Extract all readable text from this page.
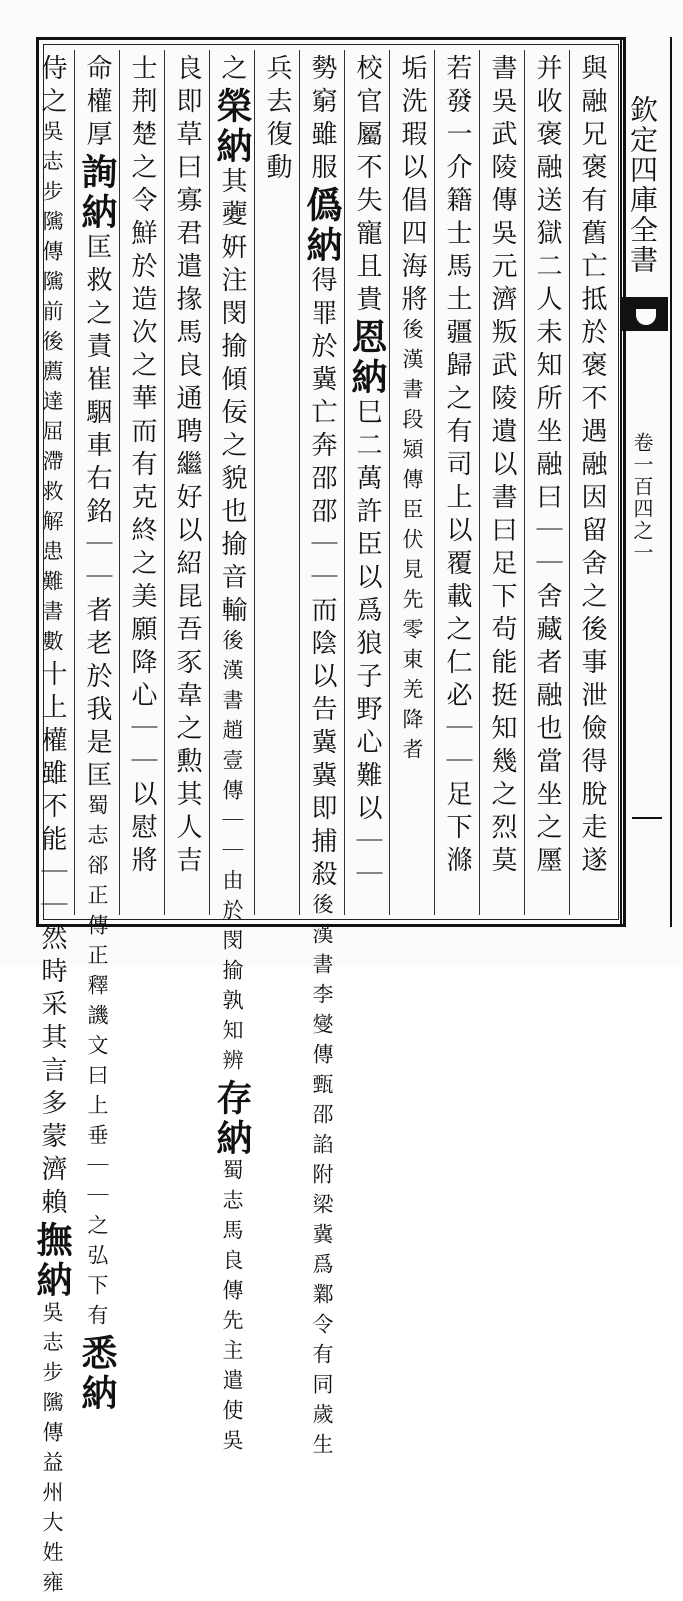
欽定四庫全書
卷一百四之一
與融兄褒有舊亡抵於褒不遇融因留舍之後事泄儉得脫走遂
并收褒融送獄二人未知所坐融曰｜｜舍藏者融也當坐之㕓
書吳武陵傳吳元濟叛武陵遺以書曰足下茍能挺知幾之烈莫
若發一介籍士馬土疆歸之有司上以覆載之仁必｜｜足下滌
垢洗瑕以倡四海將後漢書段熲傳臣伏見先零東羌降者
校官屬不失寵且貴恩納巳二萬許臣以爲狼子野心難以｜｜
勢窮雖服僞納得罪於冀亡奔邵邵｜｜而陰以告冀冀即捕殺後漢書李燮傳甄邵諂附梁冀爲鄴令有同歲生
兵去復動
之榮納其𡖂姸注閔揄傾佞之貌也揄音輸後漢書趙壹傳｜｜由於閔揄孰知辨存納蜀志馬良傳先主遣使吳
良即草曰寡君遣掾馬良通聘繼好以紹昆吾豕韋之勲其人吉
士荆楚之令鮮於造次之華而有克終之美願降心｜｜以慰將
命權厚詢納匡救之責崔駰車右銘｜｜者老於我是匡蜀志郤正傳正釋譏文曰上垂｜｜之弘下有悉納
侍之吳志步隲傳隲前後薦達屈滯救解患難書數十上權雖不能｜｜然時采其言多蒙濟賴撫納吳志步隲傳益州大姓雍
